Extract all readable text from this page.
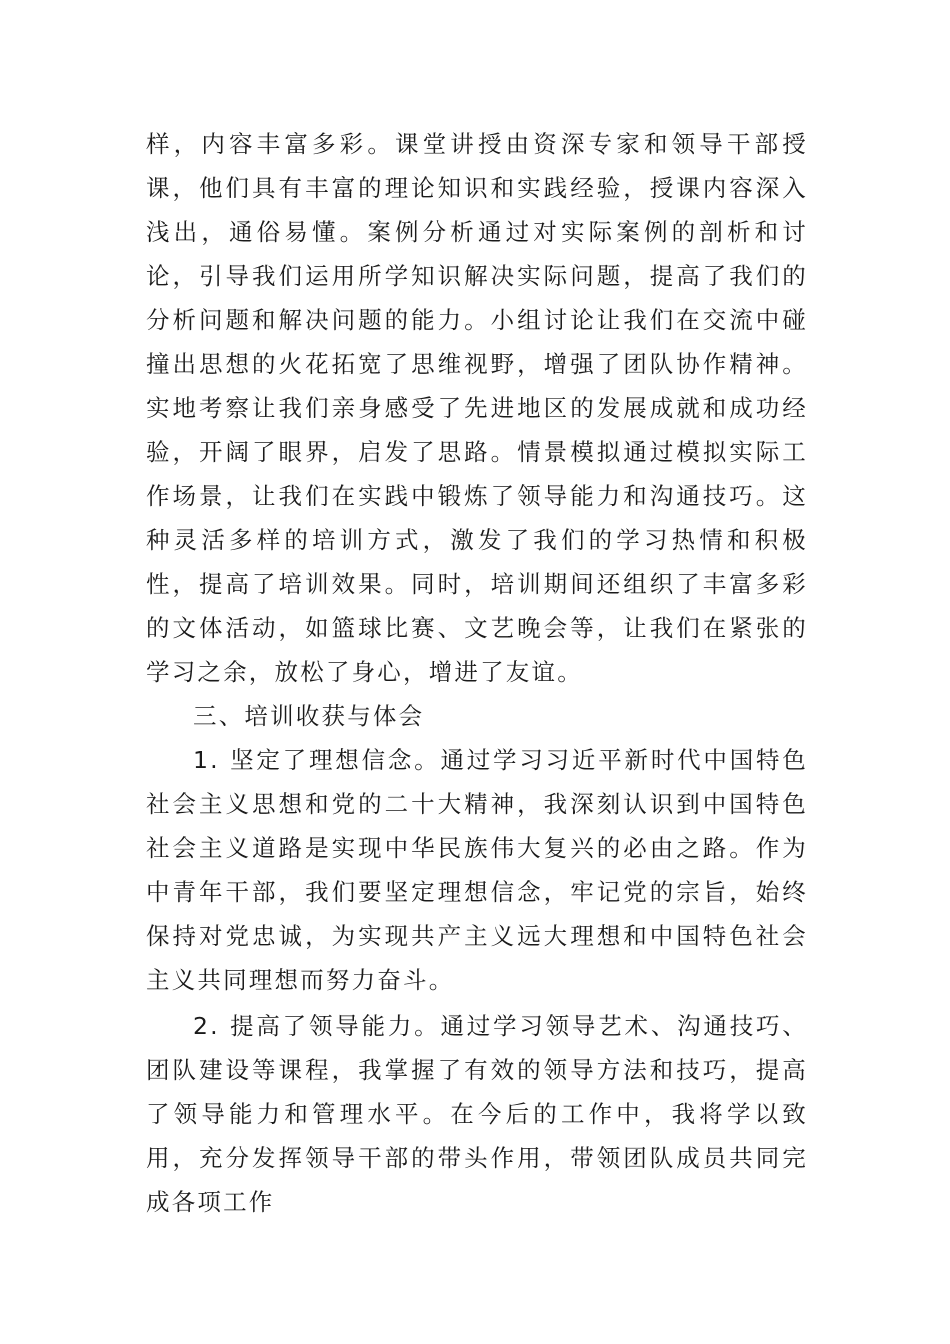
样，内容丰富多彩。课堂讲授由资深专家和领导干部授课，他们具有丰富的理论知识和实践经验，授课内容深入浅出，通俗易懂。案例分析通过对实际案例的剖析和讨论，引导我们运用所学知识解决实际问题，提高了我们的分析问题和解决问题的能力。小组讨论让我们在交流中碰撞出思想的火花拓宽了思维视野，增强了团队协作精神。实地考察让我们亲身感受了先进地区的发展成就和成功经验，开阔了眼界，启发了思路。情景模拟通过模拟实际工作场景，让我们在实践中锻炼了领导能力和沟通技巧。这种灵活多样的培训方式，激发了我们的学习热情和积极性，提高了培训效果。同时，培训期间还组织了丰富多彩的文体活动，如篮球比赛、文艺晚会等，让我们在紧张的学习之余，放松了身心，增进了友谊。

三、培训收获与体会

1. 坚定了理想信念。通过学习习近平新时代中国特色社会主义思想和党的二十大精神，我深刻认识到中国特色社会主义道路是实现中华民族伟大复兴的必由之路。作为中青年干部，我们要坚定理想信念，牢记党的宗旨，始终保持对党忠诚，为实现共产主义远大理想和中国特色社会主义共同理想而努力奋斗。

2. 提高了领导能力。通过学习领导艺术、沟通技巧、团队建设等课程，我掌握了有效的领导方法和技巧，提高了领导能力和管理水平。在今后的工作中，我将学以致用，充分发挥领导干部的带头作用，带领团队成员共同完成各项工作
